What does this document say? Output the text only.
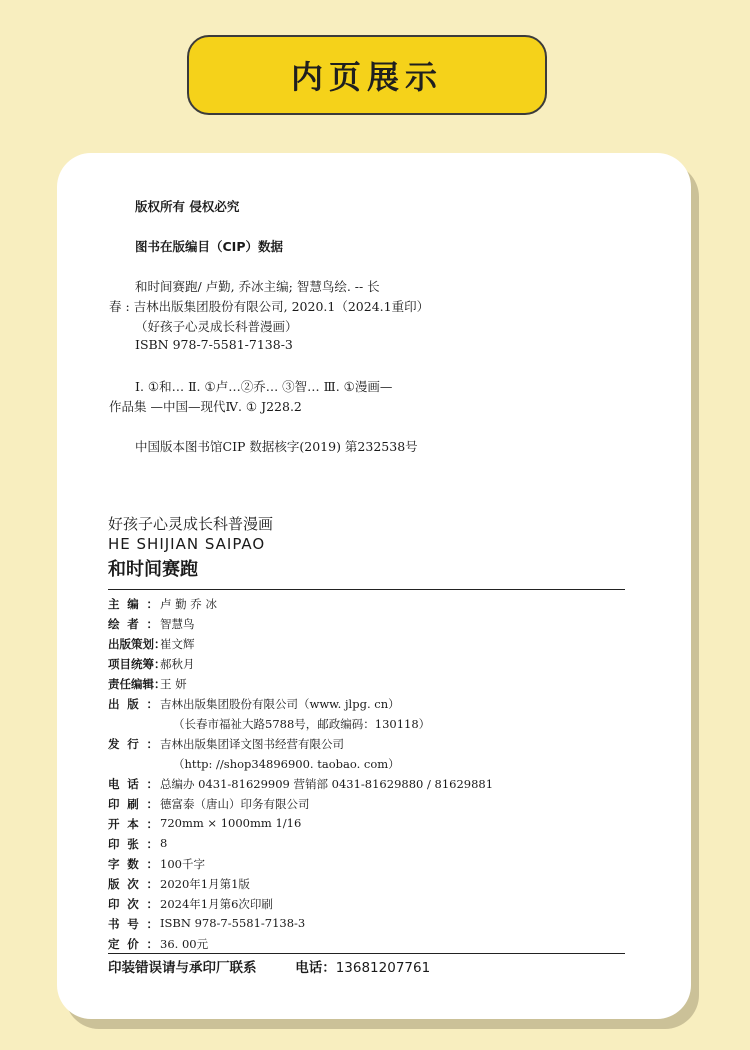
内页展示
版权所有 侵权必究
图书在版编目（CIP）数据
和时间赛跑/ 卢勤, 乔冰主编; 智慧鸟绘. -- 长
春 : 吉林出版集团股份有限公司, 2020.1（2024.1重印）
（好孩子心灵成长科普漫画）
ISBN 978-7-5581-7138-3
Ⅰ. ①和… Ⅱ. ①卢…②乔… ③智… Ⅲ. ①漫画—
作品集 —中国—现代Ⅳ. ① J228.2
中国版本图书馆CIP 数据核字(2019) 第232538号
好孩子心灵成长科普漫画
HE SHIJIAN SAIPAO
和时间赛跑
主编： 卢 勤 乔 冰
绘者： 智慧鸟
出版策划：
崔文辉
项目统筹：
郝秋月
责任编辑：
王 妍
出版： 吉林出版集团股份有限公司（www. jlpg. cn）
（长春市福祉大路5788号，邮政编码：130118）
发行： 吉林出版集团译文图书经营有限公司
（http: //shop34896900. taobao. com）
电话： 总编办 0431-81629909 营销部 0431-81629880 / 81629881
印刷： 德富泰（唐山）印务有限公司
开本： 720mm × 1000mm 1/16
印张： 8
字数： 100千字
版次： 2020年1月第1版
印次： 2024年1月第6次印刷
书号： ISBN 978-7-5581-7138-3
定价： 36. 00元
印装错误请与承印厂联系	电话：13681207761
